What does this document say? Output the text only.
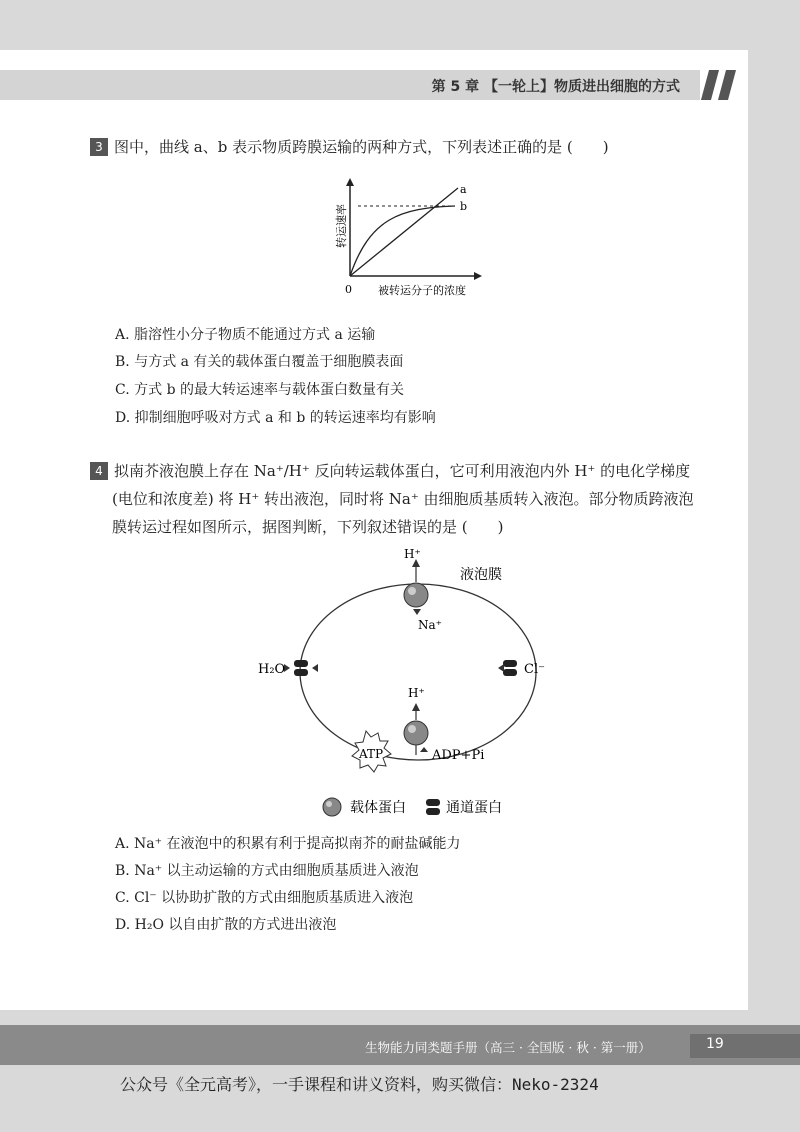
第 5 章 【一轮上】物质进出细胞的方式
3 图中，曲线 a、b 表示物质跨膜运输的两种方式，下列表述正确的是 (　　)
转运速率
a
b
0 被转运分子的浓度
A. 脂溶性小分子物质不能通过方式 a 运输
B. 与方式 a 有关的载体蛋白覆盖于细胞膜表面
C. 方式 b 的最大转运速率与载体蛋白数量有关
D. 抑制细胞呼吸对方式 a 和 b 的转运速率均有影响
4 拟南芥液泡膜上存在 Na⁺/H⁺ 反向转运载体蛋白，它可利用液泡内外 H⁺ 的电化学梯度
(电位和浓度差) 将 H⁺ 转出液泡，同时将 Na⁺ 由细胞质基质转入液泡。部分物质跨液泡
膜转运过程如图所示，据图判断，下列叙述错误的是 (　　)
液泡膜
H⁺
Na⁺
H₂O	Cl⁻
H⁺
ATP	ADP+Pi
载体蛋白	通道蛋白
A. Na⁺ 在液泡中的积累有利于提高拟南芥的耐盐碱能力
B. Na⁺ 以主动运输的方式由细胞质基质进入液泡
C. Cl⁻ 以协助扩散的方式由细胞质基质进入液泡
D. H₂O 以自由扩散的方式进出液泡
生物能力同类题手册（高三 · 全国版 · 秋 · 第一册）	19
公众号《全元高考》，一手课程和讲义资料，购买微信：Neko-2324
